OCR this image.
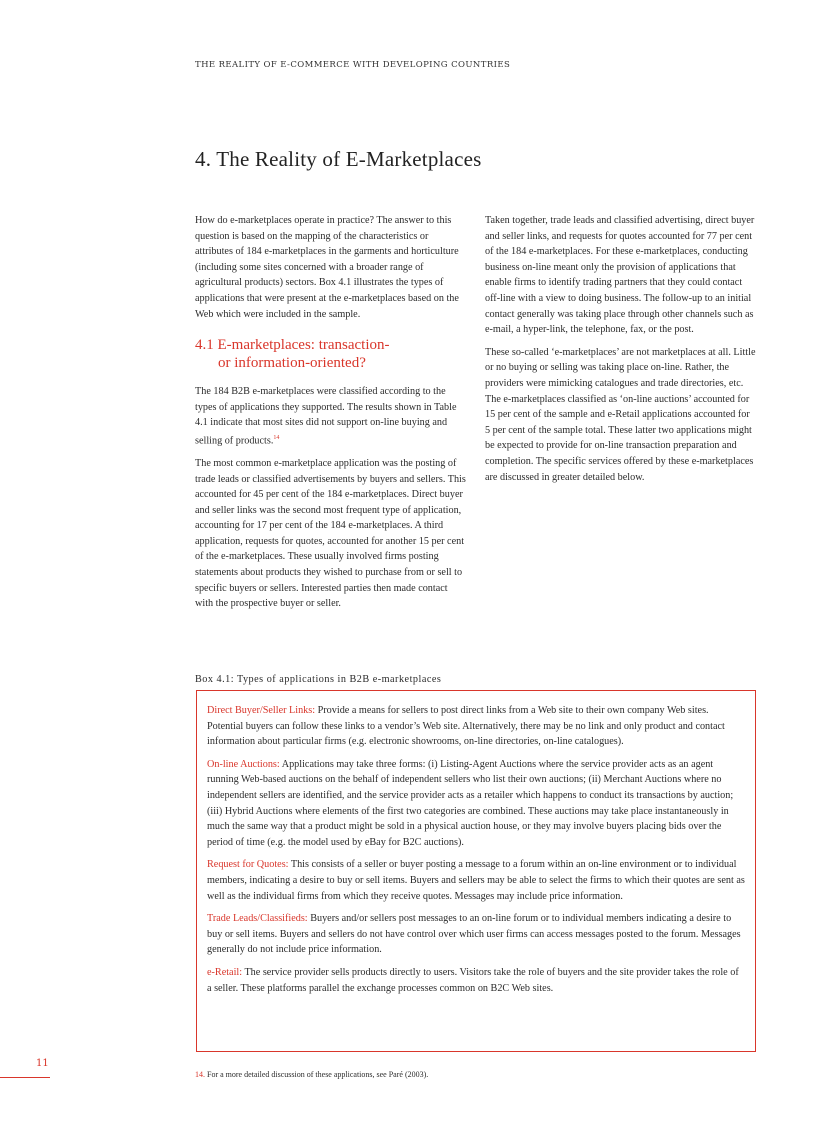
THE REALITY OF E-COMMERCE WITH DEVELOPING COUNTRIES
4. The Reality of E-Marketplaces

How do e-marketplaces operate in practice? The answer to this question is based on the mapping of the characteristics or attributes of 184 e-marketplaces in the garments and horticulture (including some sites concerned with a broader range of agricultural products) sectors. Box 4.1 illustrates the types of applications that were present at the e-marketplaces based on the Web which were included in the sample.

4.1 E-marketplaces: transaction-
or information-oriented?

The 184 B2B e-marketplaces were classified according to the types of applications they supported. The results shown in Table 4.1 indicate that most sites did not support on-line buying and selling of products.$^{14}$

The most common e-marketplace application was the posting of trade leads or classified advertisements by buyers and sellers. This accounted for 45 per cent of the 184 e-marketplaces. Direct buyer and seller links was the second most frequent type of application, accounting for 17 per cent of the 184 e-marketplaces. A third application, requests for quotes, accounted for another 15 per cent of the e-marketplaces. These usually involved firms posting statements about products they wished to purchase from or sell to specific buyers or sellers. Interested parties then made contact with the prospective buyer or seller.

Taken together, trade leads and classified advertising, direct buyer and seller links, and requests for quotes accounted for 77 per cent of the 184 e-marketplaces. For these e-marketplaces, conducting business on-line meant only the provision of applications that enable firms to identify trading partners that they could contact off-line with a view to doing business. The follow-up to an initial contact generally was taking place through other channels such as e-mail, a hyper-link, the telephone, fax, or the post.

These so-called ‘e-marketplaces’ are not marketplaces at all. Little or no buying or selling was taking place on-line. Rather, the providers were mimicking catalogues and trade directories, etc. The e-marketplaces classified as ‘on-line auctions’ accounted for 15 per cent of the sample and e-Retail applications accounted for 5 per cent of the sample total. These latter two applications might be expected to provide for on-line transaction preparation and completion. The specific services offered by these e-marketplaces are discussed in greater detailed below.

Box 4.1: Types of applications in B2B e-marketplaces

Direct Buyer/Seller Links: Provide a means for sellers to post direct links from a Web site to their own company Web sites. Potential buyers can follow these links to a vendor’s Web site. Alternatively, there may be no link and only product and contact information about particular firms (e.g. electronic showrooms, on-line directories, on-line catalogues).

On-line Auctions: Applications may take three forms: (i) Listing-Agent Auctions where the service provider acts as an agent running Web-based auctions on the behalf of independent sellers who list their own auctions; (ii) Merchant Auctions where no independent sellers are identified, and the service provider acts as a retailer which happens to conduct its transactions by auction; (iii) Hybrid Auctions where elements of the first two categories are combined. These auctions may take place instantaneously in much the same way that a product might be sold in a physical auction house, or they may involve buyers placing bids over the period of time (e.g. the model used by eBay for B2C auctions).

Request for Quotes: This consists of a seller or buyer posting a message to a forum within an on-line environment or to individual members, indicating a desire to buy or sell items. Buyers and sellers may be able to select the firms to which their quotes are sent as well as the individual firms from which they receive quotes. Messages may include price information.

Trade Leads/Classifieds: Buyers and/or sellers post messages to an on-line forum or to individual members indicating a desire to buy or sell items. Buyers and sellers do not have control over which user firms can access messages posted to the forum. Messages generally do not include price information.

e-Retail: The service provider sells products directly to users. Visitors take the role of buyers and the site provider takes the role of a seller. These platforms parallel the exchange processes common on B2C Web sites.

11
14. For a more detailed discussion of these applications, see Paré (2003).
